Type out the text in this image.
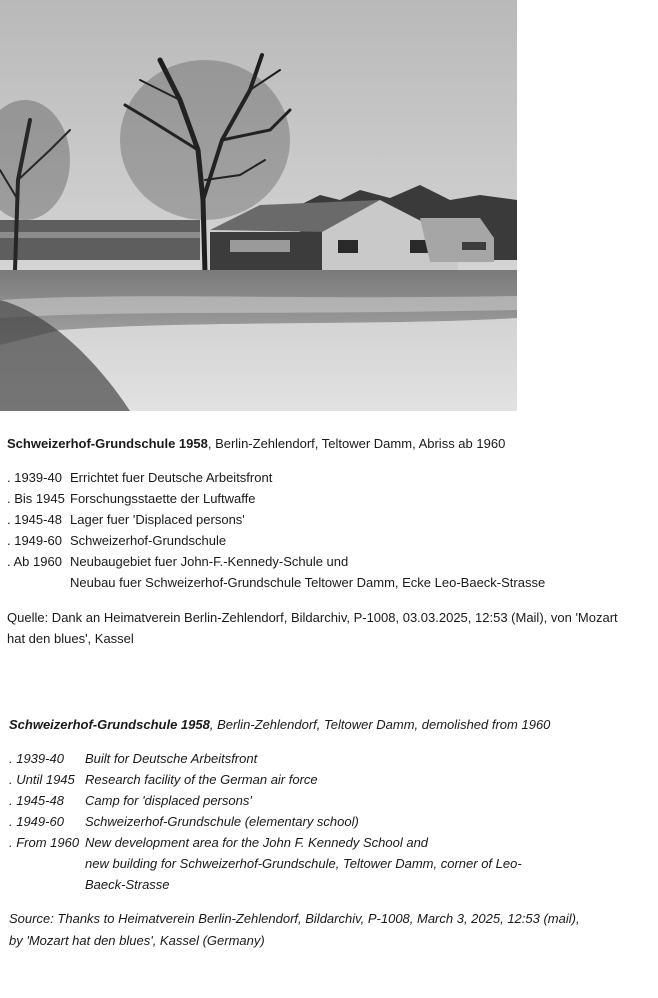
Schweizerhof-Grundschule 1958, Berlin-Zehlendorf, Teltower Damm, Abriss ab 1960
. 1939-40 Errichtet fuer Deutsche Arbeitsfront
. Bis 1945 Forschungsstaette der Luftwaffe
. 1945-48 Lager fuer 'Displaced persons'
. 1949-60 Schweizerhof-Grundschule
. Ab 1960 Neubaugebiet fuer John-F.-Kennedy-Schule und
Neubau fuer Schweizerhof-Grundschule Teltower Damm, Ecke Leo-Baeck-Strasse
Quelle: Dank an Heimatverein Berlin-Zehlendorf, Bildarchiv, P-1008, 03.03.2025, 12:53 (Mail), von 'Mozart hat den blues', Kassel
Schweizerhof-Grundschule 1958, Berlin-Zehlendorf, Teltower Damm, demolished from 1960
. 1939-40 Built for Deutsche Arbeitsfront
. Until 1945 Research facility of the German air force
. 1945-48 Camp for 'displaced persons'
. 1949-60 Schweizerhof-Grundschule (elementary school)
. From 1960 New development area for the John F. Kennedy School and
new building for Schweizerhof-Grundschule, Teltower Damm, corner of Leo-
Baeck-Strasse
Source: Thanks to Heimatverein Berlin-Zehlendorf, Bildarchiv, P-1008, March 3, 2025, 12:53 (mail), by 'Mozart hat den blues', Kassel (Germany)
